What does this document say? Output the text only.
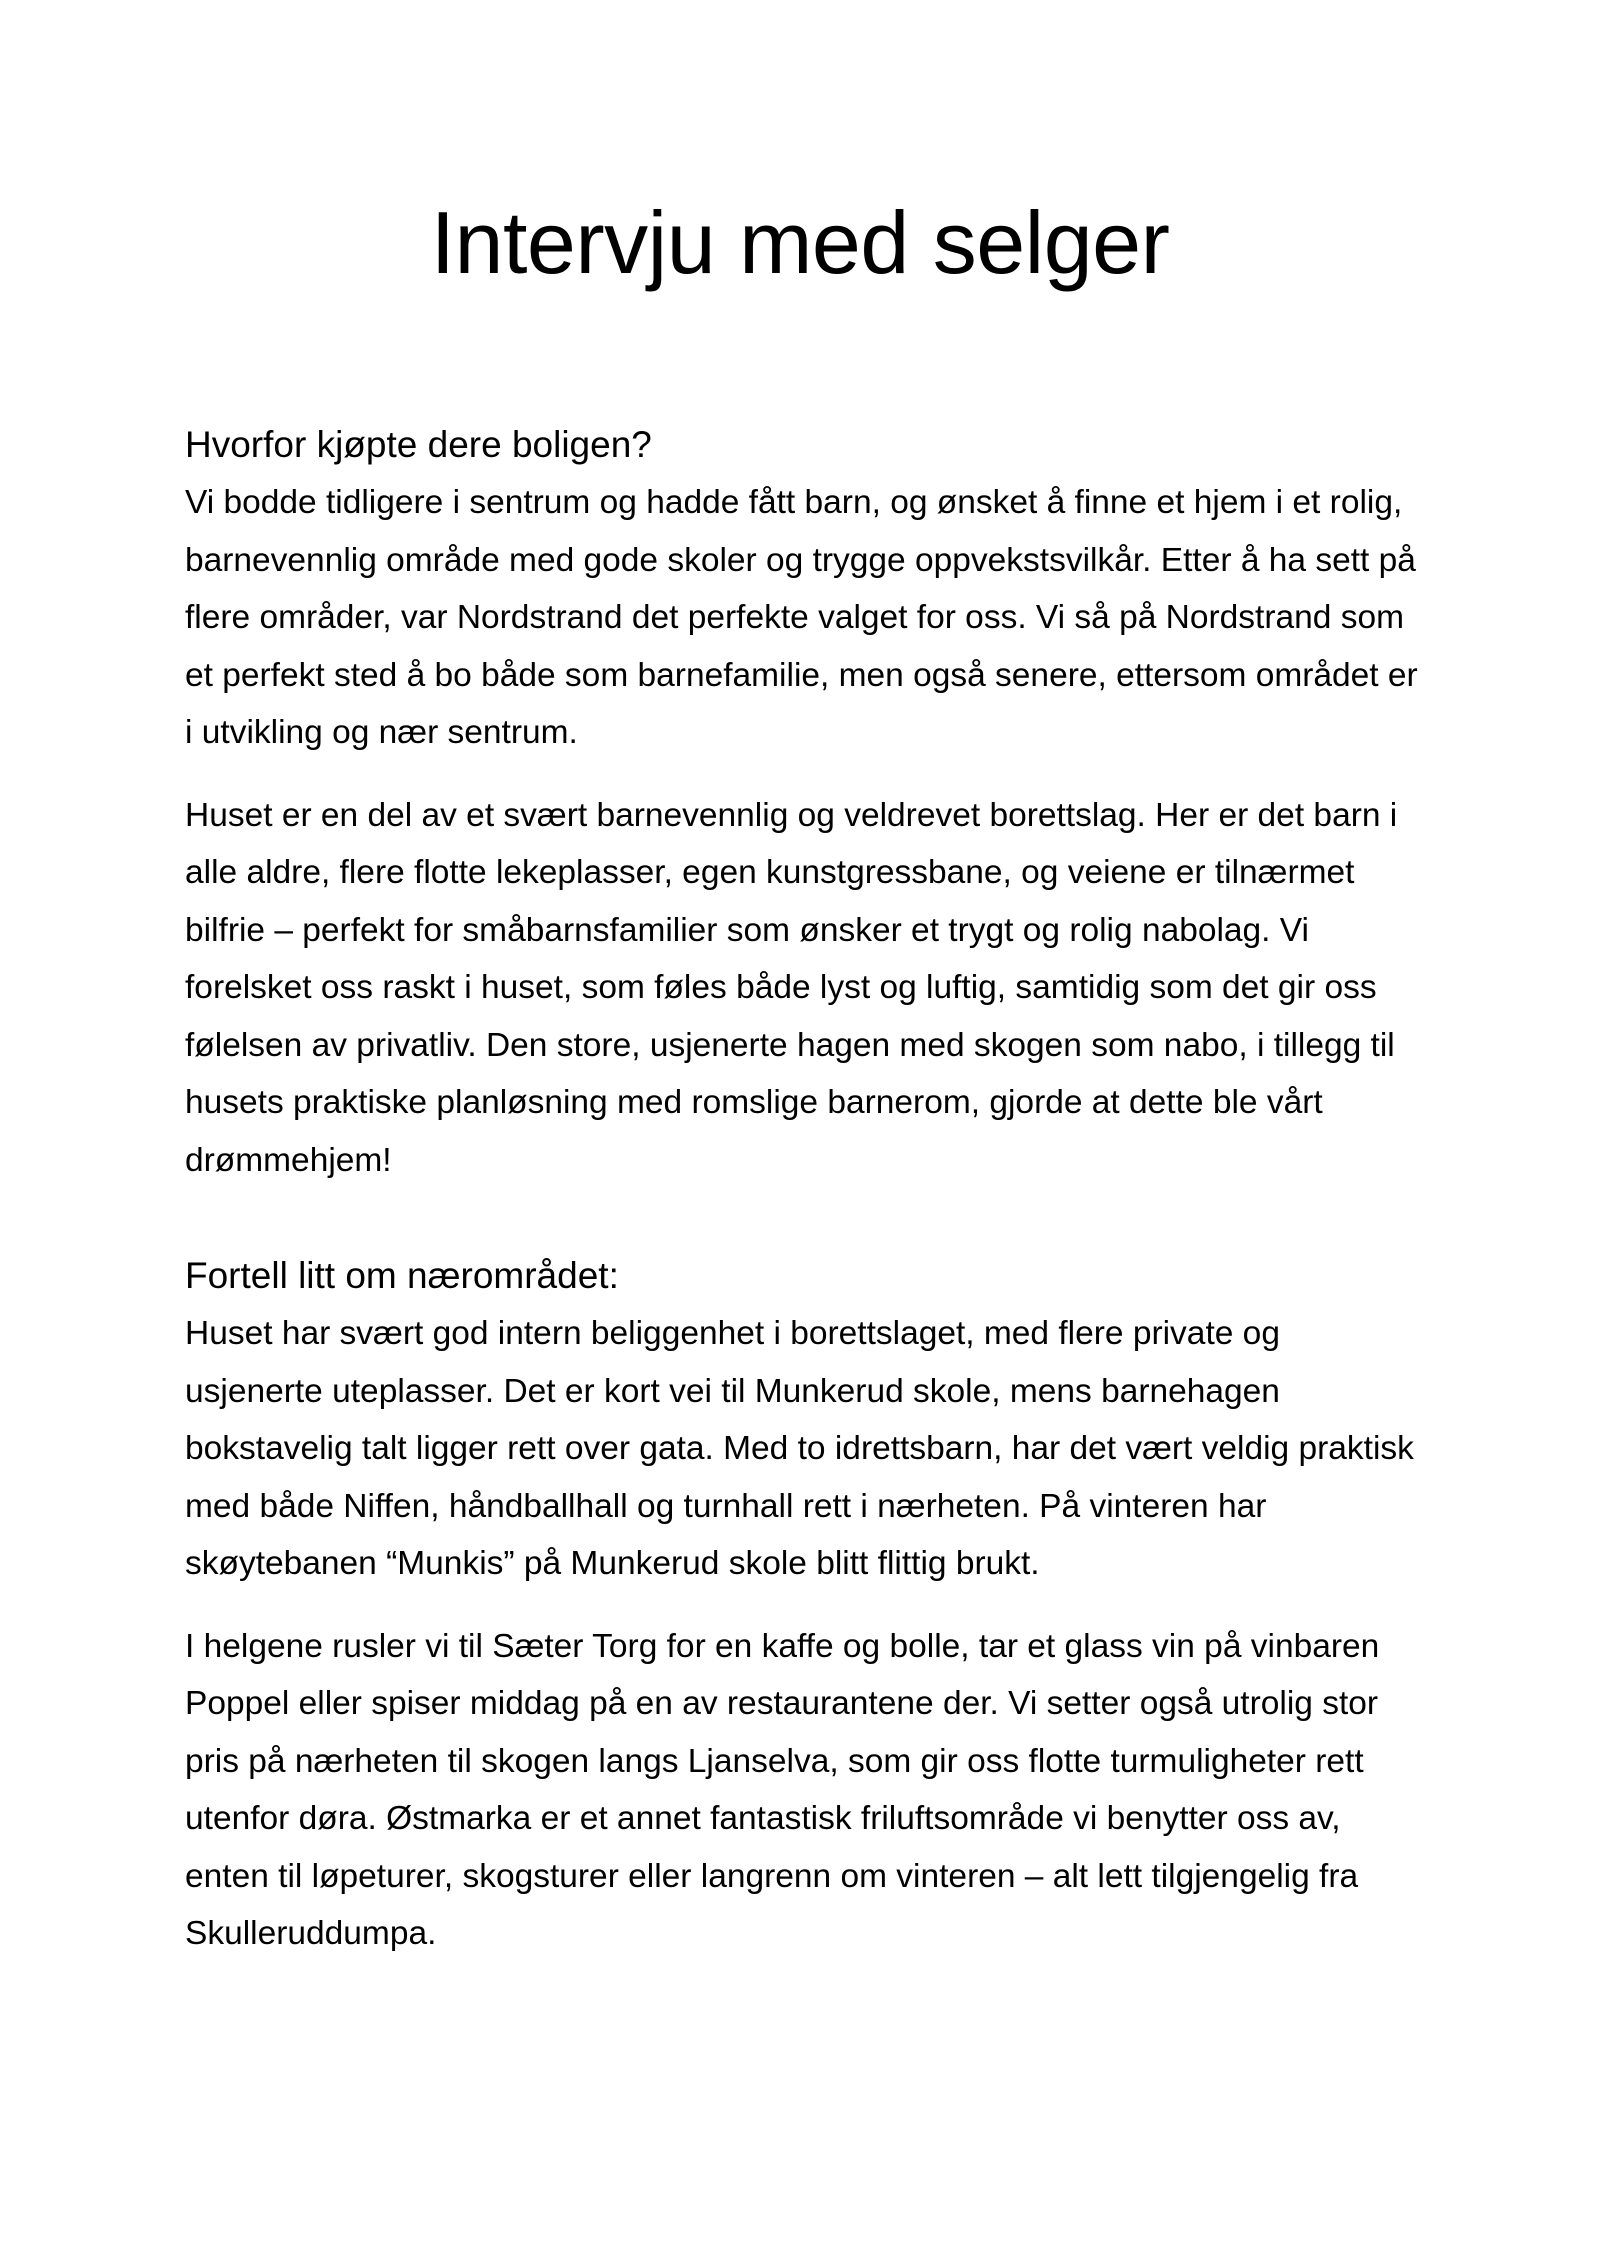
Intervju med selger
Hvorfor kjøpte dere boligen?

Vi bodde tidligere i sentrum og hadde fått barn, og ønsket å finne et hjem i et rolig, barnevennlig område med gode skoler og trygge oppvekstsvilkår. Etter å ha sett på flere områder, var Nordstrand det perfekte valget for oss. Vi så på Nordstrand som et perfekt sted å bo både som barnefamilie, men også senere, ettersom området er i utvikling og nær sentrum.

Huset er en del av et svært barnevennlig og veldrevet borettslag. Her er det barn i alle aldre, flere flotte lekeplasser, egen kunstgressbane, og veiene er tilnærmet bilfrie – perfekt for småbarnsfamilier som ønsker et trygt og rolig nabolag. Vi forelsket oss raskt i huset, som føles både lyst og luftig, samtidig som det gir oss følelsen av privatliv. Den store, usjenerte hagen med skogen som nabo, i tillegg til husets praktiske planløsning med romslige barnerom, gjorde at dette ble vårt drømmehjem!

Fortell litt om nærområdet:

Huset har svært god intern beliggenhet i borettslaget, med flere private og usjenerte uteplasser. Det er kort vei til Munkerud skole, mens barnehagen bokstavelig talt ligger rett over gata. Med to idrettsbarn, har det vært veldig praktisk med både Niffen, håndballhall og turnhall rett i nærheten. På vinteren har skøytebanen “Munkis” på Munkerud skole blitt flittig brukt.

I helgene rusler vi til Sæter Torg for en kaffe og bolle, tar et glass vin på vinbaren Poppel eller spiser middag på en av restaurantene der. Vi setter også utrolig stor pris på nærheten til skogen langs Ljanselva, som gir oss flotte turmuligheter rett utenfor døra. Østmarka er et annet fantastisk friluftsområde vi benytter oss av, enten til løpeturer, skogsturer eller langrenn om vinteren – alt lett tilgjengelig fra Skulleruddumpa.
